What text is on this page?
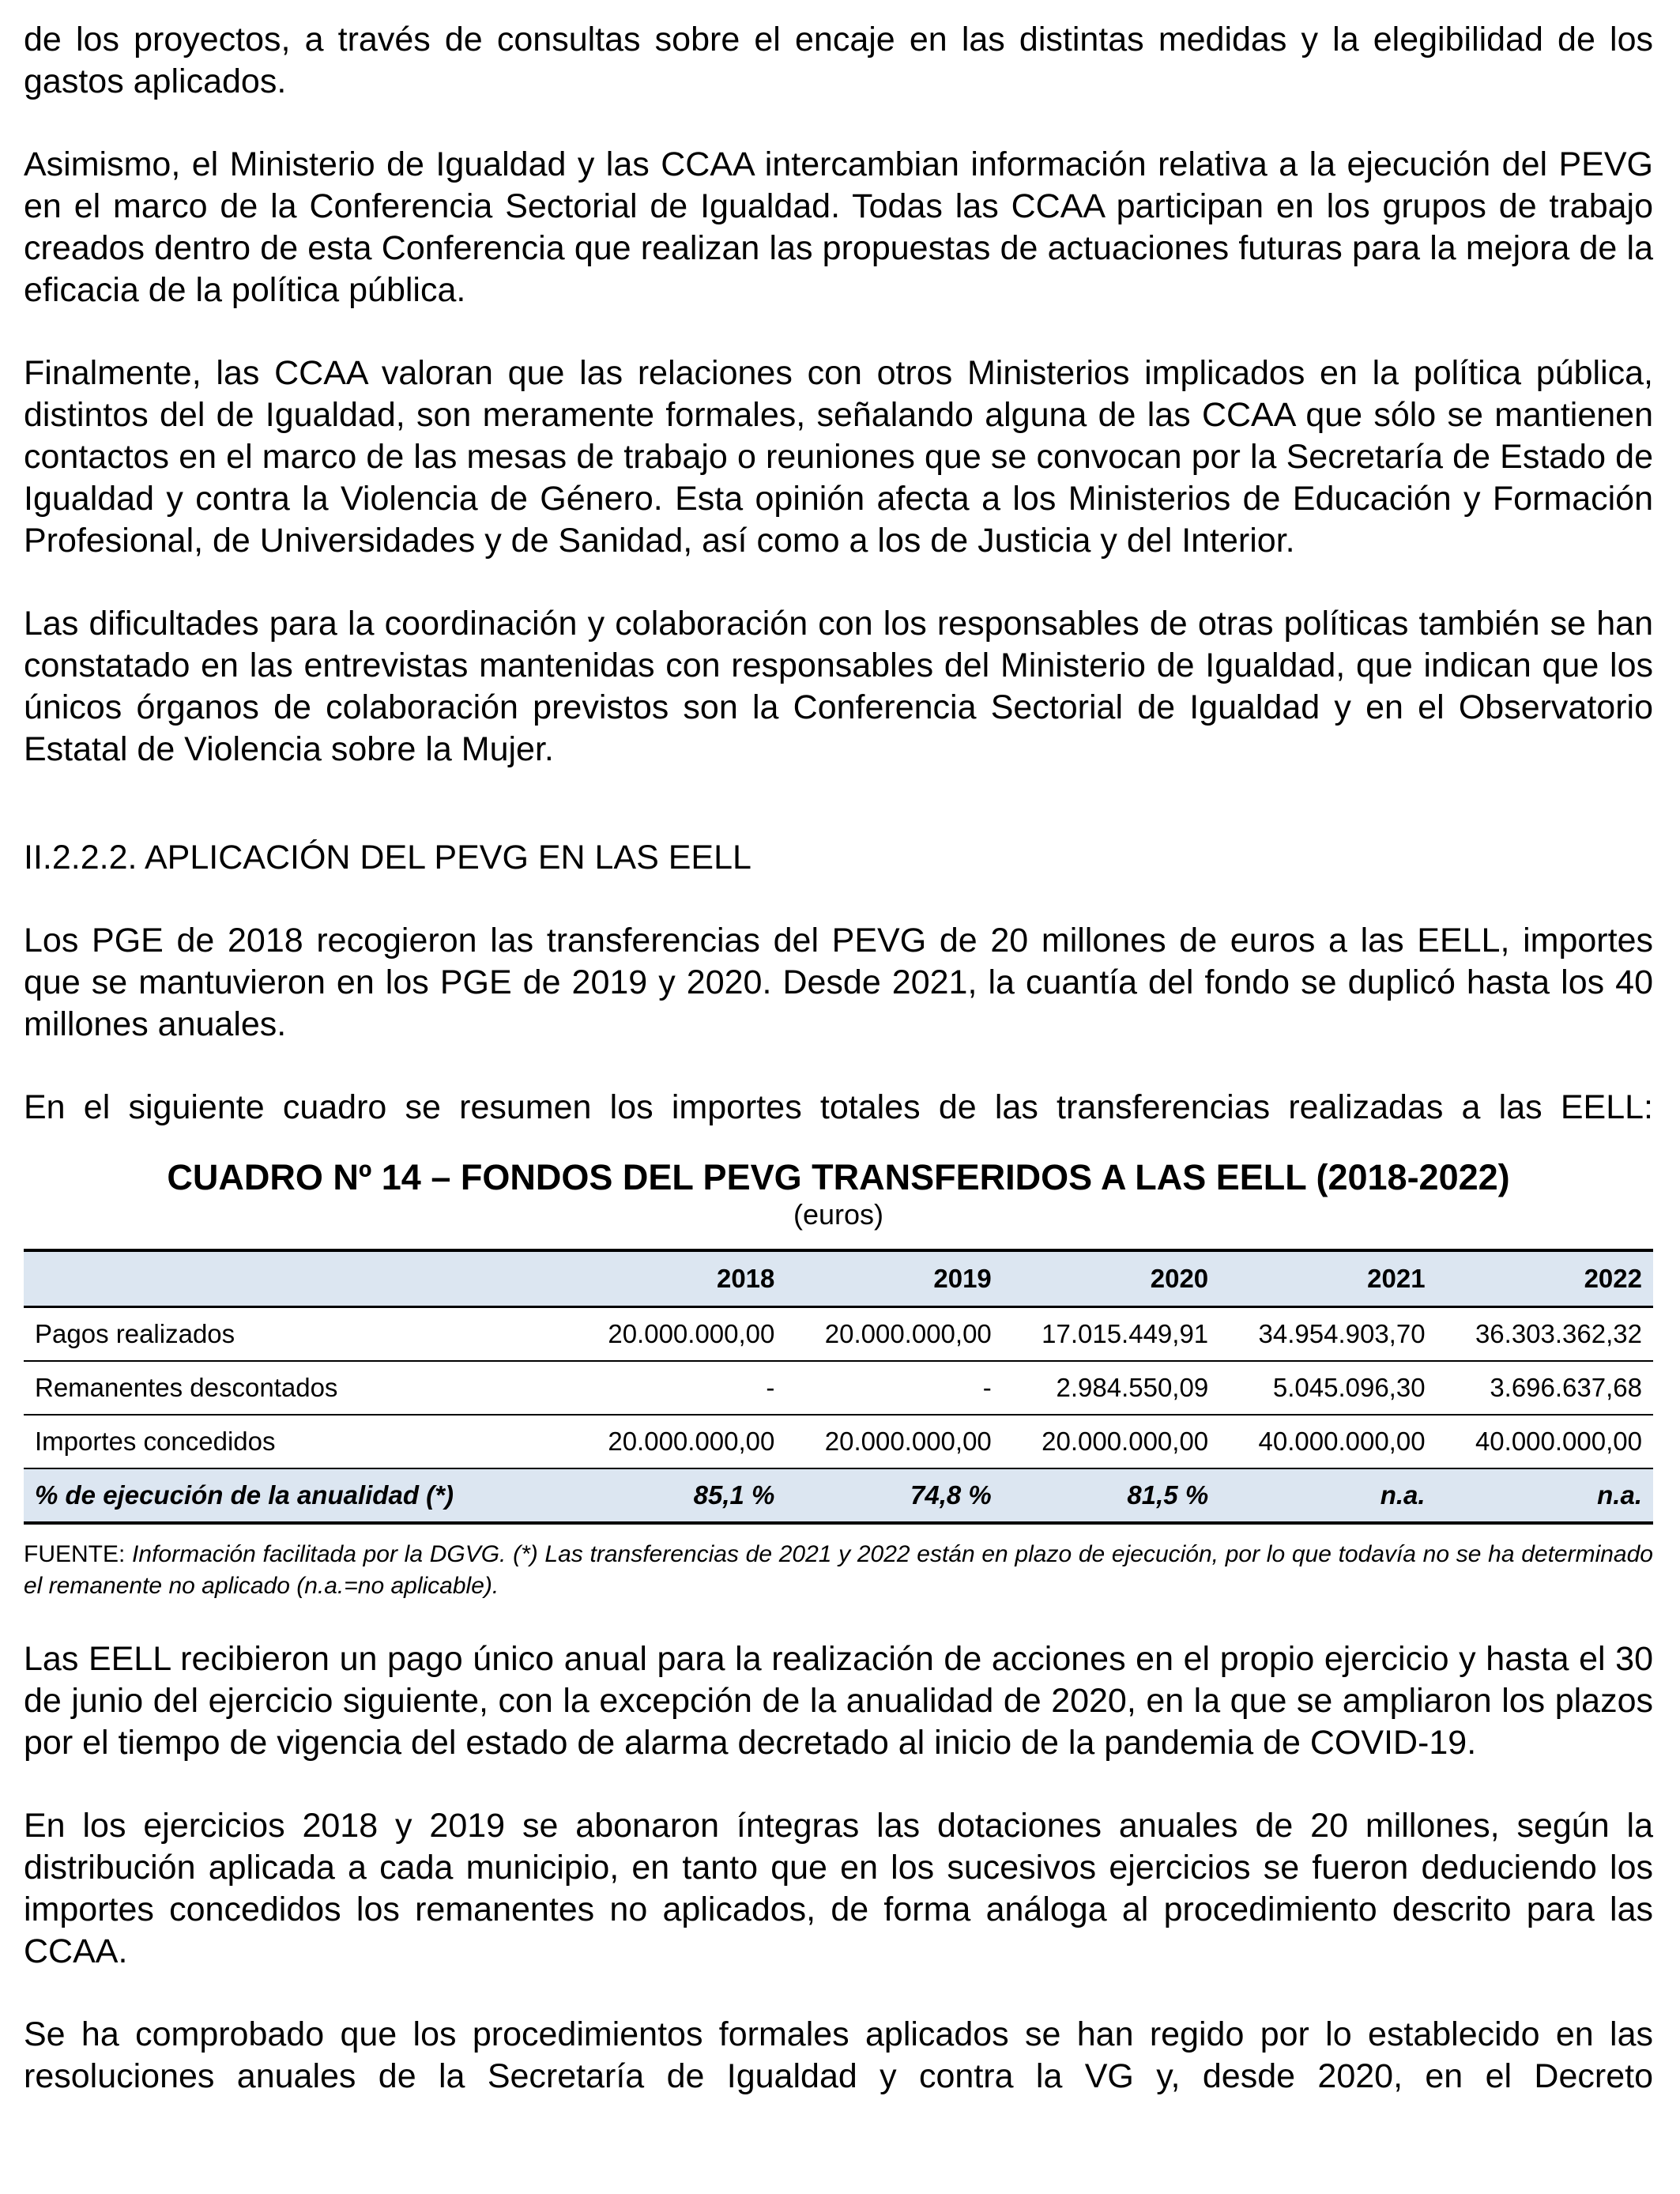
de los proyectos, a través de consultas sobre el encaje en las distintas medidas y la elegibilidad de los gastos aplicados.

Asimismo, el Ministerio de Igualdad y las CCAA intercambian información relativa a la ejecución del PEVG en el marco de la Conferencia Sectorial de Igualdad. Todas las CCAA participan en los grupos de trabajo creados dentro de esta Conferencia que realizan las propuestas de actuaciones futuras para la mejora de la eficacia de la política pública.

Finalmente, las CCAA valoran que las relaciones con otros Ministerios implicados en la política pública, distintos del de Igualdad, son meramente formales, señalando alguna de las CCAA que sólo se mantienen contactos en el marco de las mesas de trabajo o reuniones que se convocan por la Secretaría de Estado de Igualdad y contra la Violencia de Género. Esta opinión afecta a los Ministerios de Educación y Formación Profesional, de Universidades y de Sanidad, así como a los de Justicia y del Interior.

Las dificultades para la coordinación y colaboración con los responsables de otras políticas también se han constatado en las entrevistas mantenidas con responsables del Ministerio de Igualdad, que indican que los únicos órganos de colaboración previstos son la Conferencia Sectorial de Igualdad y en el Observatorio Estatal de Violencia sobre la Mujer.

II.2.2.2. APLICACIÓN DEL PEVG EN LAS EELL

Los PGE de 2018 recogieron las transferencias del PEVG de 20 millones de euros a las EELL, importes que se mantuvieron en los PGE de 2019 y 2020. Desde 2021, la cuantía del fondo se duplicó hasta los 40 millones anuales.

En el siguiente cuadro se resumen los importes totales de las transferencias realizadas a las EELL:

CUADRO Nº 14 – FONDOS DEL PEVG TRANSFERIDOS A LAS EELL (2018-2022)

(euros)

	2018	2019	2020	2021	2022
Pagos realizados	20.000.000,00	20.000.000,00	17.015.449,91	34.954.903,70	36.303.362,32
Remanentes descontados	-	-	2.984.550,09	5.045.096,30	3.696.637,68
Importes concedidos	20.000.000,00	20.000.000,00	20.000.000,00	40.000.000,00	40.000.000,00
% de ejecución de la anualidad (*)	85,1 %	74,8 %	81,5 %	n.a.	n.a.

FUENTE: Información facilitada por la DGVG. (*) Las transferencias de 2021 y 2022 están en plazo de ejecución, por lo que todavía no se ha determinado el remanente no aplicado (n.a.=no aplicable).

Las EELL recibieron un pago único anual para la realización de acciones en el propio ejercicio y hasta el 30 de junio del ejercicio siguiente, con la excepción de la anualidad de 2020, en la que se ampliaron los plazos por el tiempo de vigencia del estado de alarma decretado al inicio de la pandemia de COVID-19.

En los ejercicios 2018 y 2019 se abonaron íntegras las dotaciones anuales de 20 millones, según la distribución aplicada a cada municipio, en tanto que en los sucesivos ejercicios se fueron deduciendo los importes concedidos los remanentes no aplicados, de forma análoga al procedimiento descrito para las CCAA.

Se ha comprobado que los procedimientos formales aplicados se han regido por lo establecido en las resoluciones anuales de la Secretaría de Igualdad y contra la VG y, desde 2020, en el Decreto
